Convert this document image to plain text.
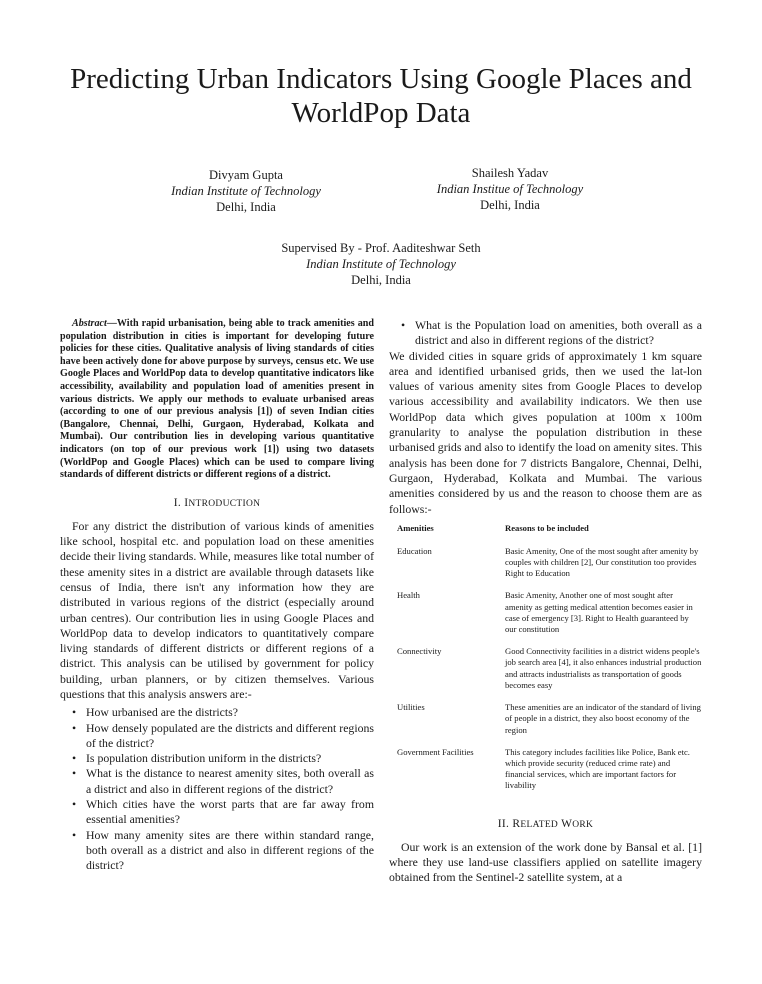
Predicting Urban Indicators Using Google Places and WorldPop Data
Divyam Gupta
Indian Institute of Technology
Delhi, India
Shailesh Yadav
Indian Institue of Technology
Delhi, India
Supervised By - Prof. Aaditeshwar Seth
Indian Institute of Technology
Delhi, India

Abstract—With rapid urbanisation, being able to track amenities and population distribution in cities is important for developing future policies for these cities. Qualitative analysis of living standards of cities have been actively done for above purpose by surveys, census etc. We use Google Places and WorldPop data to develop quantitative indicators like accessibility, availability and population load of amenities present in various districts. We apply our methods to evaluate urbanised areas (according to one of our previous analysis [1]) of seven Indian cities (Bangalore, Chennai, Delhi, Gurgaon, Hyderabad, Kolkata and Mumbai). Our contribution lies in developing various quantitative indicators (on top of our previous work [1]) using two datasets (WorldPop and Google Places) which can be used to compare living standards of different districts or different regions of a district.

I. INTRODUCTION

For any district the distribution of various kinds of amenities like school, hospital etc. and population load on these amenities decide their living standards. While, measures like total number of these amenity sites in a district are available through datasets like census of India, there isn't any information how they are distributed in various regions of the district (especially around urban centres). Our contribution lies in using Google Places and WorldPop data to develop indicators to quantitatively compare living standards of different districts or different regions of a district. This analysis can be utilised by government for policy building, urban planners, or by citizen themselves. Various questions that this analysis answers are:-

• How urbanised are the districts?
• How densely populated are the districts and different regions of the district?
• Is population distribution uniform in the districts?
• What is the distance to nearest amenity sites, both overall as a district and also in different regions of the district?
• Which cities have the worst parts that are far away from essential amenities?
• How many amenity sites are there within standard range, both overall as a district and also in different regions of the district?
• What is the Population load on amenities, both overall as a district and also in different regions of the district?

We divided cities in square grids of approximately 1 km square area and identified urbanised grids, then we used the lat-lon values of various amenity sites from Google Places to develop various accessibility and availability indicators. We then use WorldPop data which gives population at 100m x 100m granularity to analyse the population distribution in these urbanised grids and also to identify the load on amenity sites. This analysis has been done for 7 districts Bangalore, Chennai, Delhi, Gurgaon, Hyderabad, Kolkata and Mumbai. The various amenities considered by us and the reason to choose them are as follows:-

Amenities	Reasons to be included
Education	Basic Amenity, One of the most sought after amenity by couples with children [2], Our constitution too provides Right to Education
Health	Basic Amenity, Another one of most sought after amenity as getting medical attention becomes easier in case of emergency [3]. Right to Health guaranteed by our constitution
Connectivity	Good Connectivity facilities in a district widens people's job search area [4], it also enhances industrial production and attracts industrialists as transportation of goods becomes easy
Utilities	These amenities are an indicator of the standard of living of people in a district, they also boost economy of the region
Government Facilities	This category includes facilities like Police, Bank etc. which provide security (reduced crime rate) and financial services, which are important factors for livability
II. RELATED WORK

Our work is an extension of the work done by Bansal et al. [1] where they use land-use classifiers applied on satellite imagery obtained from the Sentinel-2 satellite system, at a
